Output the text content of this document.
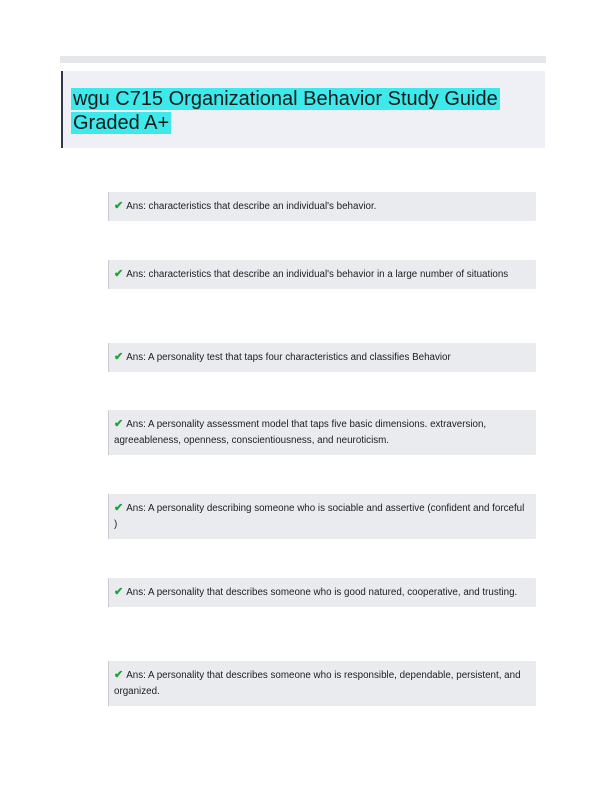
wgu C715 Organizational Behavior Study Guide Graded A+
✔ Ans: characteristics that describe an individual's behavior.
✔ Ans: characteristics that describe an individual's behavior in a large number of situations
✔ Ans: A personality test that taps four characteristics and classifies Behavior
✔ Ans: A personality assessment model that taps five basic dimensions. extraversion, agreeableness, openness, conscientiousness, and neuroticism.
✔ Ans: A personality describing someone who is sociable and assertive (confident and forceful )
✔ Ans: A personality that describes someone who is good natured, cooperative, and trusting.
✔ Ans: A personality that describes someone who is responsible, dependable, persistent, and organized.
